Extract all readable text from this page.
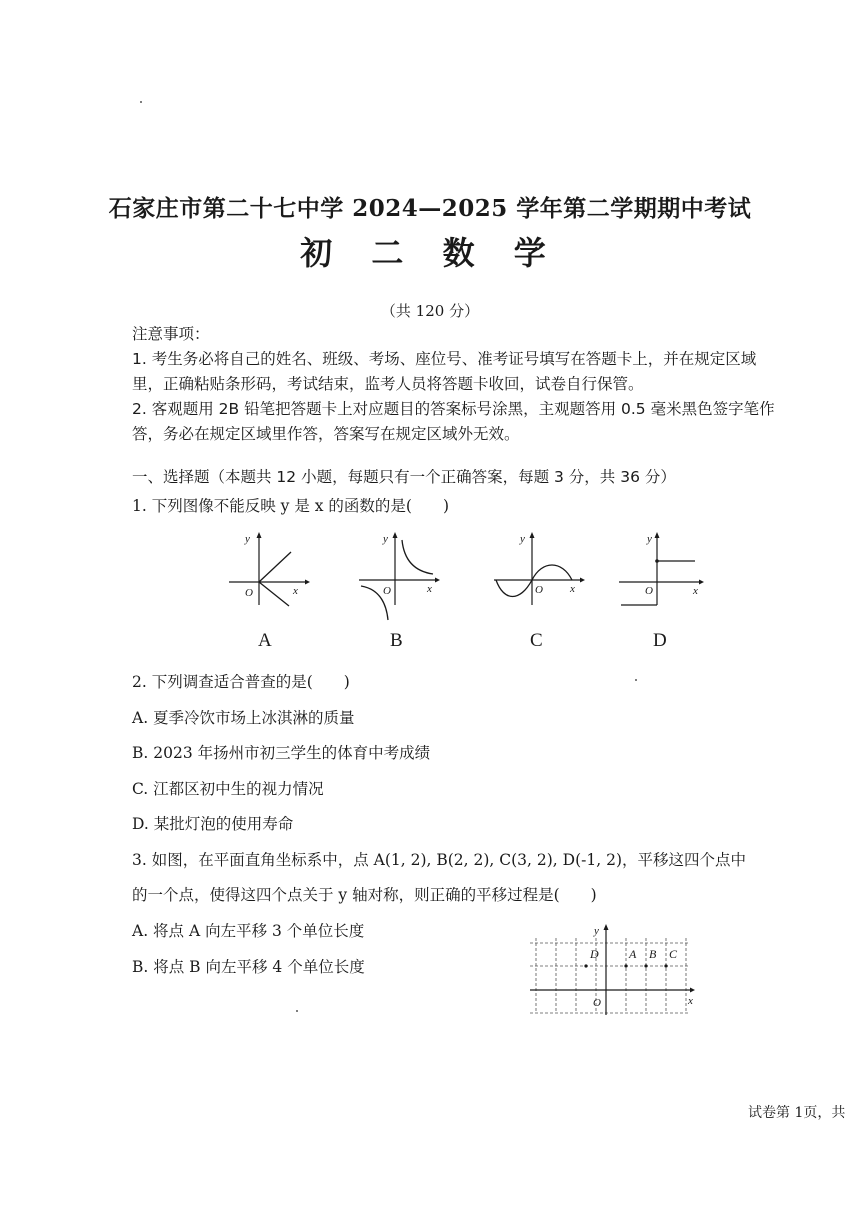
石家庄市第二十七中学 2024—2025 学年第二学期期中考试
初 二 数 学
（共 120 分）
注意事项：
1. 考生务必将自己的姓名、班级、考场、座位号、准考证号填写在答题卡上，并在规定区域
里，正确粘贴条形码，考试结束，监考人员将答题卡收回，试卷自行保管。
2. 客观题用 2B 铅笔把答题卡上对应题目的答案标号涂黑，主观题答用 0.5 毫米黑色签字笔作
答，务必在规定区域里作答，答案写在规定区域外无效。
一、选择题（本题共 12 小题，每题只有一个正确答案，每题 3 分，共 36 分）
1. 下列图像不能反映 y 是 x 的函数的是(　　)
y
x
O
A
y
x
O
B
y
x
O
C
y
x
O
D
2. 下列调查适合普查的是(　　)
A. 夏季冷饮市场上冰淇淋的质量
B. 2023 年扬州市初三学生的体育中考成绩
C. 江都区初中生的视力情况
D. 某批灯泡的使用寿命
3. 如图，在平面直角坐标系中，点 A(1, 2), B(2, 2), C(3, 2), D(-1, 2)，平移这四个点中
的一个点，使得这四个点关于 y 轴对称，则正确的平移过程是(　　)
A. 将点 A 向左平移 3 个单位长度
B. 将点 B 向左平移 4 个单位长度
y
x
O
D	A B C
试卷第 1页，共
